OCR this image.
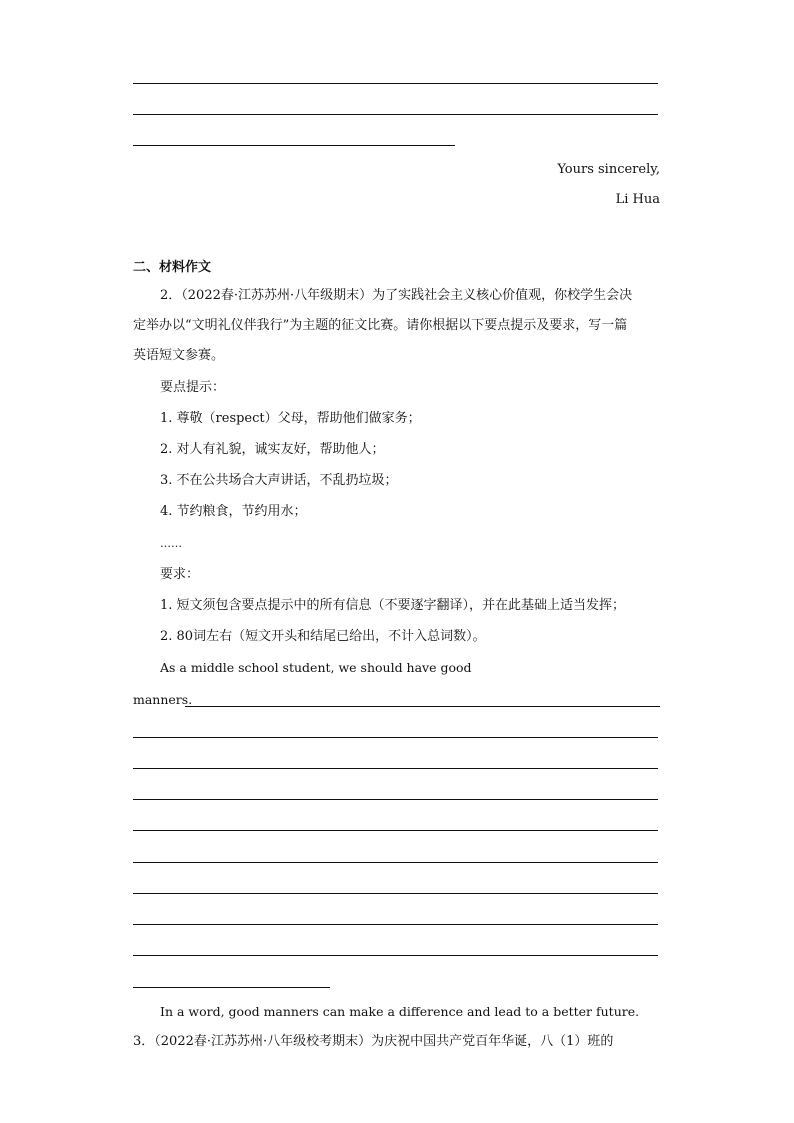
Yours sincerely,
Li Hua
二、材料作文
2．（2022春·江苏苏州·八年级期末）为了实践社会主义核心价值观，你校学生会决
定举办以“文明礼仪伴我行”为主题的征文比赛。请你根据以下要点提示及要求，写一篇
英语短文参赛。
要点提示：
1. 尊敬（respect）父母，帮助他们做家务；
2. 对人有礼貌，诚实友好，帮助他人；
3. 不在公共场合大声讲话，不乱扔垃圾；
4. 节约粮食，节约用水；
……
要求：
1. 短文须包含要点提示中的所有信息（不要逐字翻译），并在此基础上适当发挥；
2. 80词左右（短文开头和结尾已给出，不计入总词数）。
As a middle school student, we should have good
manners.
In a word, good manners can make a difference and lead to a better future.
3．（2022春·江苏苏州·八年级校考期末）为庆祝中国共产党百年华诞，八（1）班的
